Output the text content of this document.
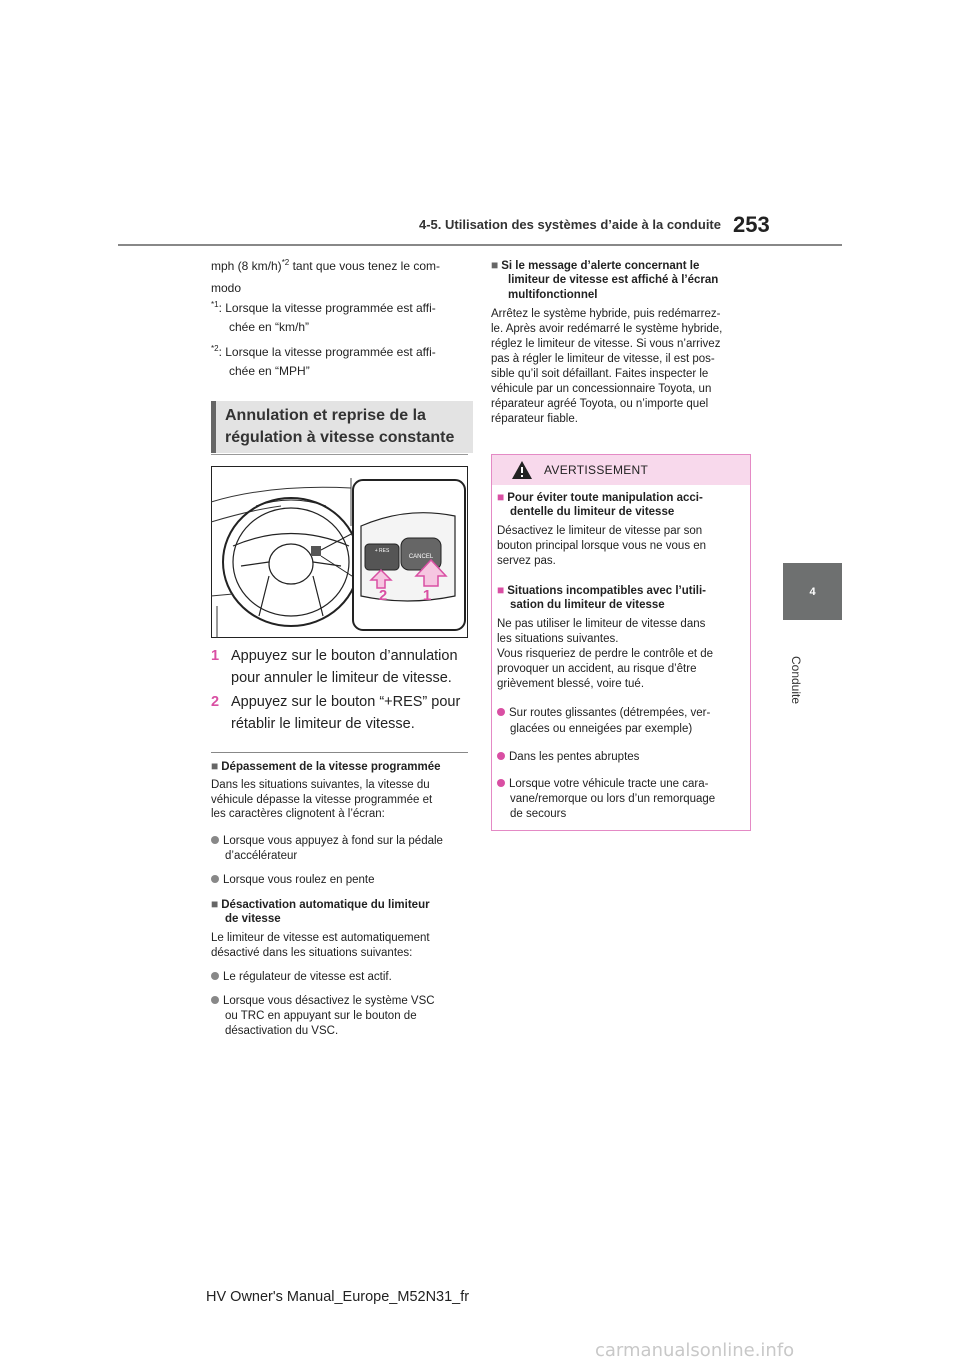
4-5. Utilisation des systèmes d’aide à la conduite 253
4
Conduite
mph (8 km/h)$^{*2}$ tant que vous tenez le com-
modo
$^{*1}$: Lorsque la vitesse programmée est affi-
chée en “km/h”
$^{*2}$: Lorsque la vitesse programmée est affi-
chée en “MPH”
Annulation et reprise de la
régulation à vitesse constante
+ RES
CANCEL
2 1
1 Appuyez sur le bouton d’annulation
pour annuler le limiteur de vitesse.
2 Appuyez sur le bouton “+RES” pour
rétablir le limiteur de vitesse.
■ Dépassement de la vitesse programmée
Dans les situations suivantes, la vitesse du
véhicule dépasse la vitesse programmée et
les caractères clignotent à l’écran:
Lorsque vous appuyez à fond sur la pédale
d’accélérateur
Lorsque vous roulez en pente
■ Désactivation automatique du limiteur
de vitesse
Le limiteur de vitesse est automatiquement
désactivé dans les situations suivantes:
Le régulateur de vitesse est actif.
Lorsque vous désactivez le système VSC
ou TRC en appuyant sur le bouton de
désactivation du VSC.
■ Si le message d’alerte concernant le
limiteur de vitesse est affiché à l’écran
multifonctionnel
Arrêtez le système hybride, puis redémarrez-
le. Après avoir redémarré le système hybride,
réglez le limiteur de vitesse. Si vous n’arrivez
pas à régler le limiteur de vitesse, il est pos-
sible qu’il soit défaillant. Faites inspecter le
véhicule par un concessionnaire Toyota, un
réparateur agréé Toyota, ou n’importe quel
réparateur fiable.
AVERTISSEMENT
■ Pour éviter toute manipulation acci-
dentelle du limiteur de vitesse
Désactivez le limiteur de vitesse par son
bouton principal lorsque vous ne vous en
servez pas.
■ Situations incompatibles avec l’utili-
sation du limiteur de vitesse
Ne pas utiliser le limiteur de vitesse dans
les situations suivantes.
Vous risqueriez de perdre le contrôle et de
provoquer un accident, au risque d’être
grièvement blessé, voire tué.
Sur routes glissantes (détrempées, ver-
glacées ou enneigées par exemple)
Dans les pentes abruptes
Lorsque votre véhicule tracte une cara-
vane/remorque ou lors d’un remorquage
de secours
HV Owner's Manual_Europe_M52N31_fr
carmanualsonline.info
